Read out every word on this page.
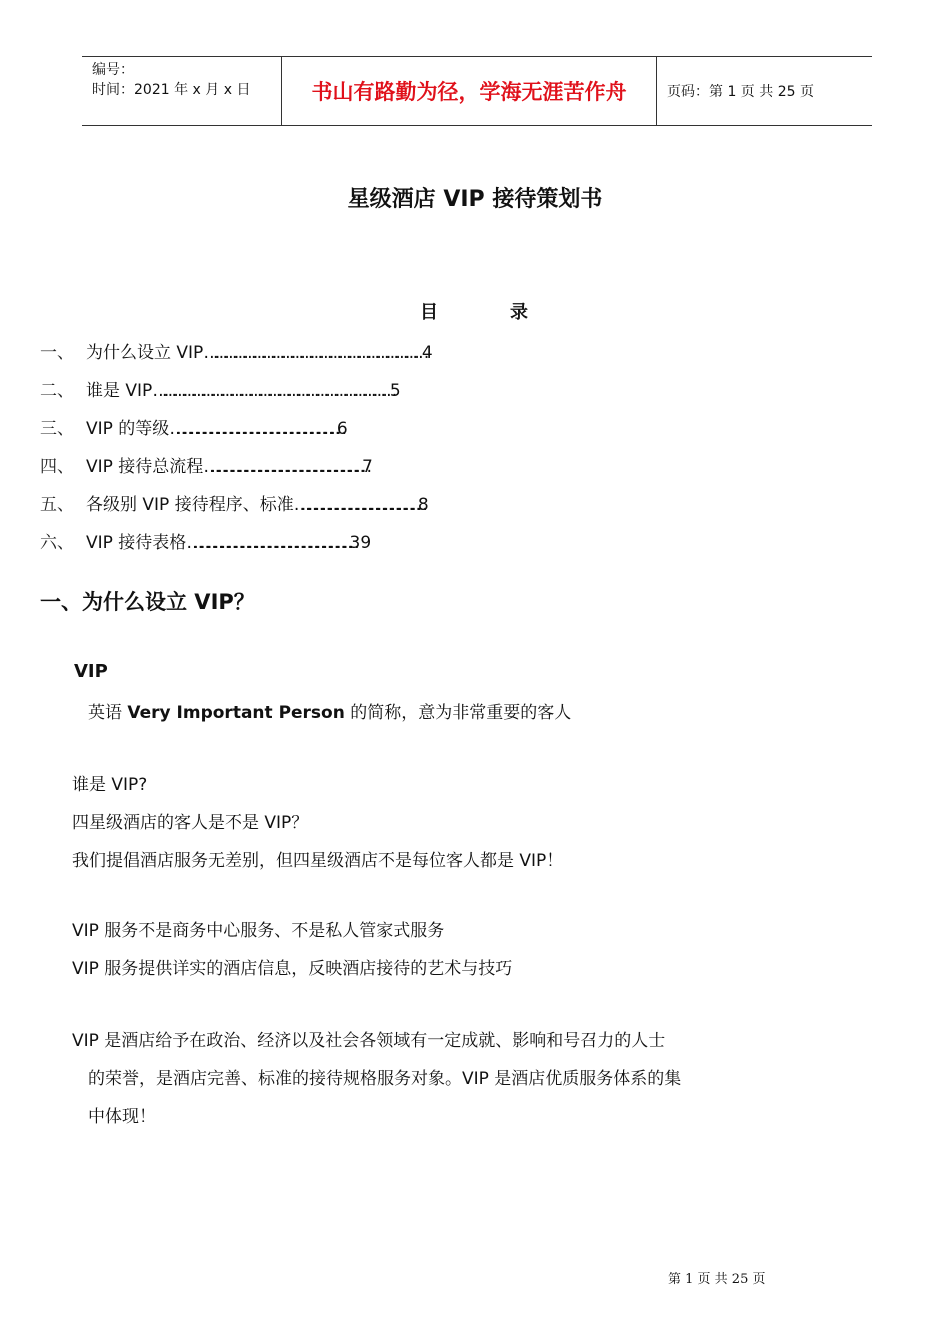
编号：
时间：2021 年 x 月 x 日	书山有路勤为径，学海无涯苦作舟	页码：第 1 页 共 25 页
星级酒店 VIP 接待策划书
目	录
一、 为什么设立 VIP……………………………………………………………4
二、 谁是 VIP…………………………………………………………………5
三、 VIP 的等级…………………………………………………………………6
四、 VIP 接待总流程……………………………………………………………7
五、 各级别 VIP 接待程序、标准………………………………………………8
六、 VIP 接待表格………………………………………………………………39
一、为什么设立 VIP？
VIP
英语 Very Important Person 的简称，意为非常重要的客人
谁是 VIP?
四星级酒店的客人是不是 VIP？
我们提倡酒店服务无差别，但四星级酒店不是每位客人都是 VIP！
VIP 服务不是商务中心服务、不是私人管家式服务
VIP 服务提供详实的酒店信息，反映酒店接待的艺术与技巧
VIP 是酒店给予在政治、经济以及社会各领域有一定成就、影响和号召力的人士
的荣誉，是酒店完善、标准的接待规格服务对象。VIP 是酒店优质服务体系的集
中体现！
第 1 页 共 25 页
